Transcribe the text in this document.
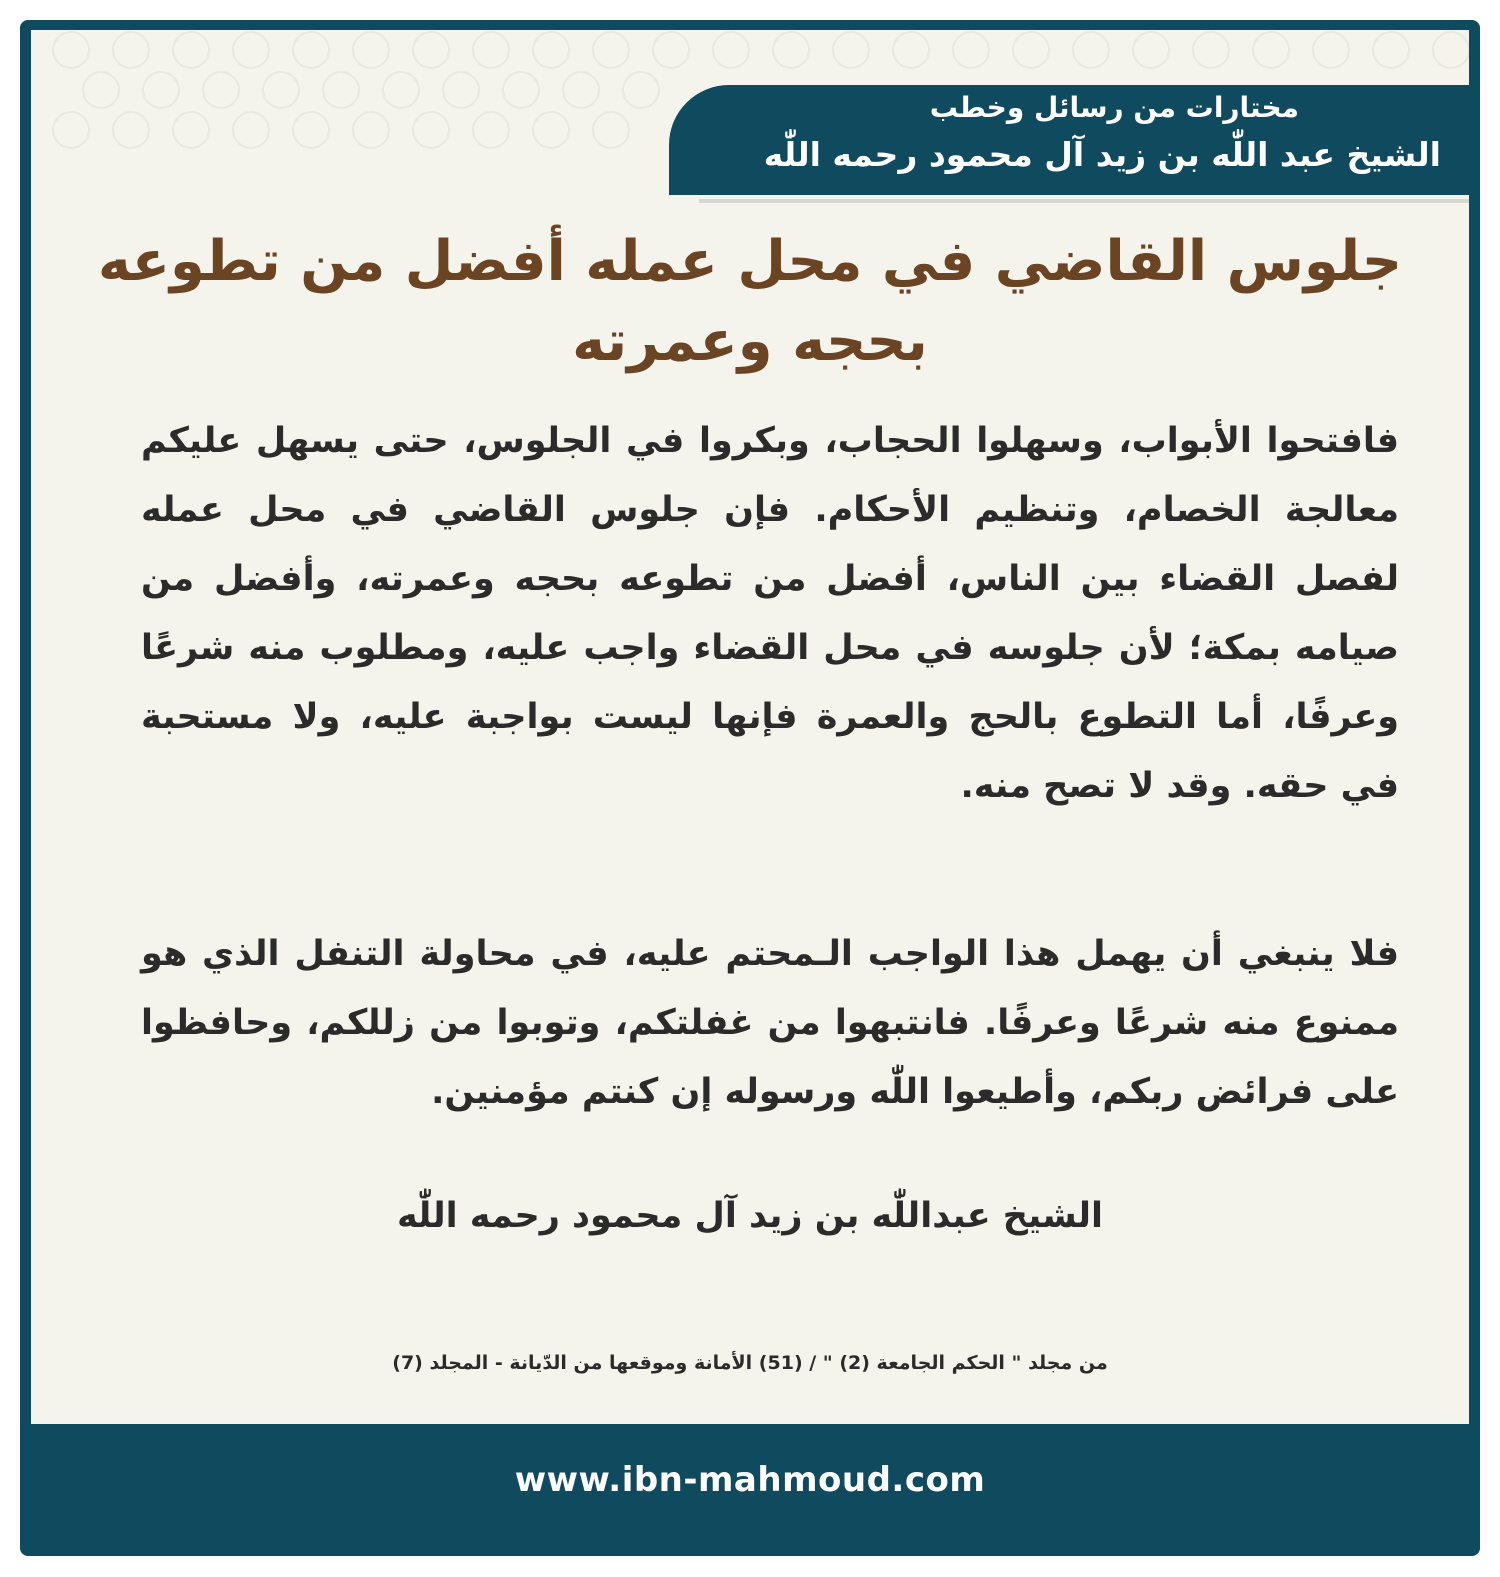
مختارات من رسائل وخطب
الشيخ عبد اللّٰه بن زيد آل محمود رحمه اللّٰه
جلوس القاضي في محل عمله أفضل من تطوعه بحجه وعمرته
فافتحوا الأبواب، وسهلوا الحجاب، وبكروا في الجلوس، حتى يسهل عليكم معالجة الخصام، وتنظيم الأحكام. فإن جلوس القاضي في محل عمله لفصل القضاء بين الناس، أفضل من تطوعه بحجه وعمرته، وأفضل من صيامه بمكة؛ لأن جلوسه في محل القضاء واجب عليه، ومطلوب منه شرعًا وعرفًا، أما التطوع بالحج والعمرة فإنها ليست بواجبة عليه، ولا مستحبة في حقه. وقد لا تصح منه.
فلا ينبغي أن يهمل هذا الواجب الـمحتم عليه، في محاولة التنفل الذي هو ممنوع منه شرعًا وعرفًا. فانتبهوا من غفلتكم، وتوبوا من زللكم، وحافظوا على فرائض ربكم، وأطيعوا اللّٰه ورسوله إن كنتم مؤمنين.
الشيخ عبداللّٰه بن زيد آل محمود رحمه اللّٰه
من مجلد " الحكم الجامعة (2) " / (51) الأمانة وموقعها من الدّيانة - المجلد (7)
www.ibn-mahmoud.com
